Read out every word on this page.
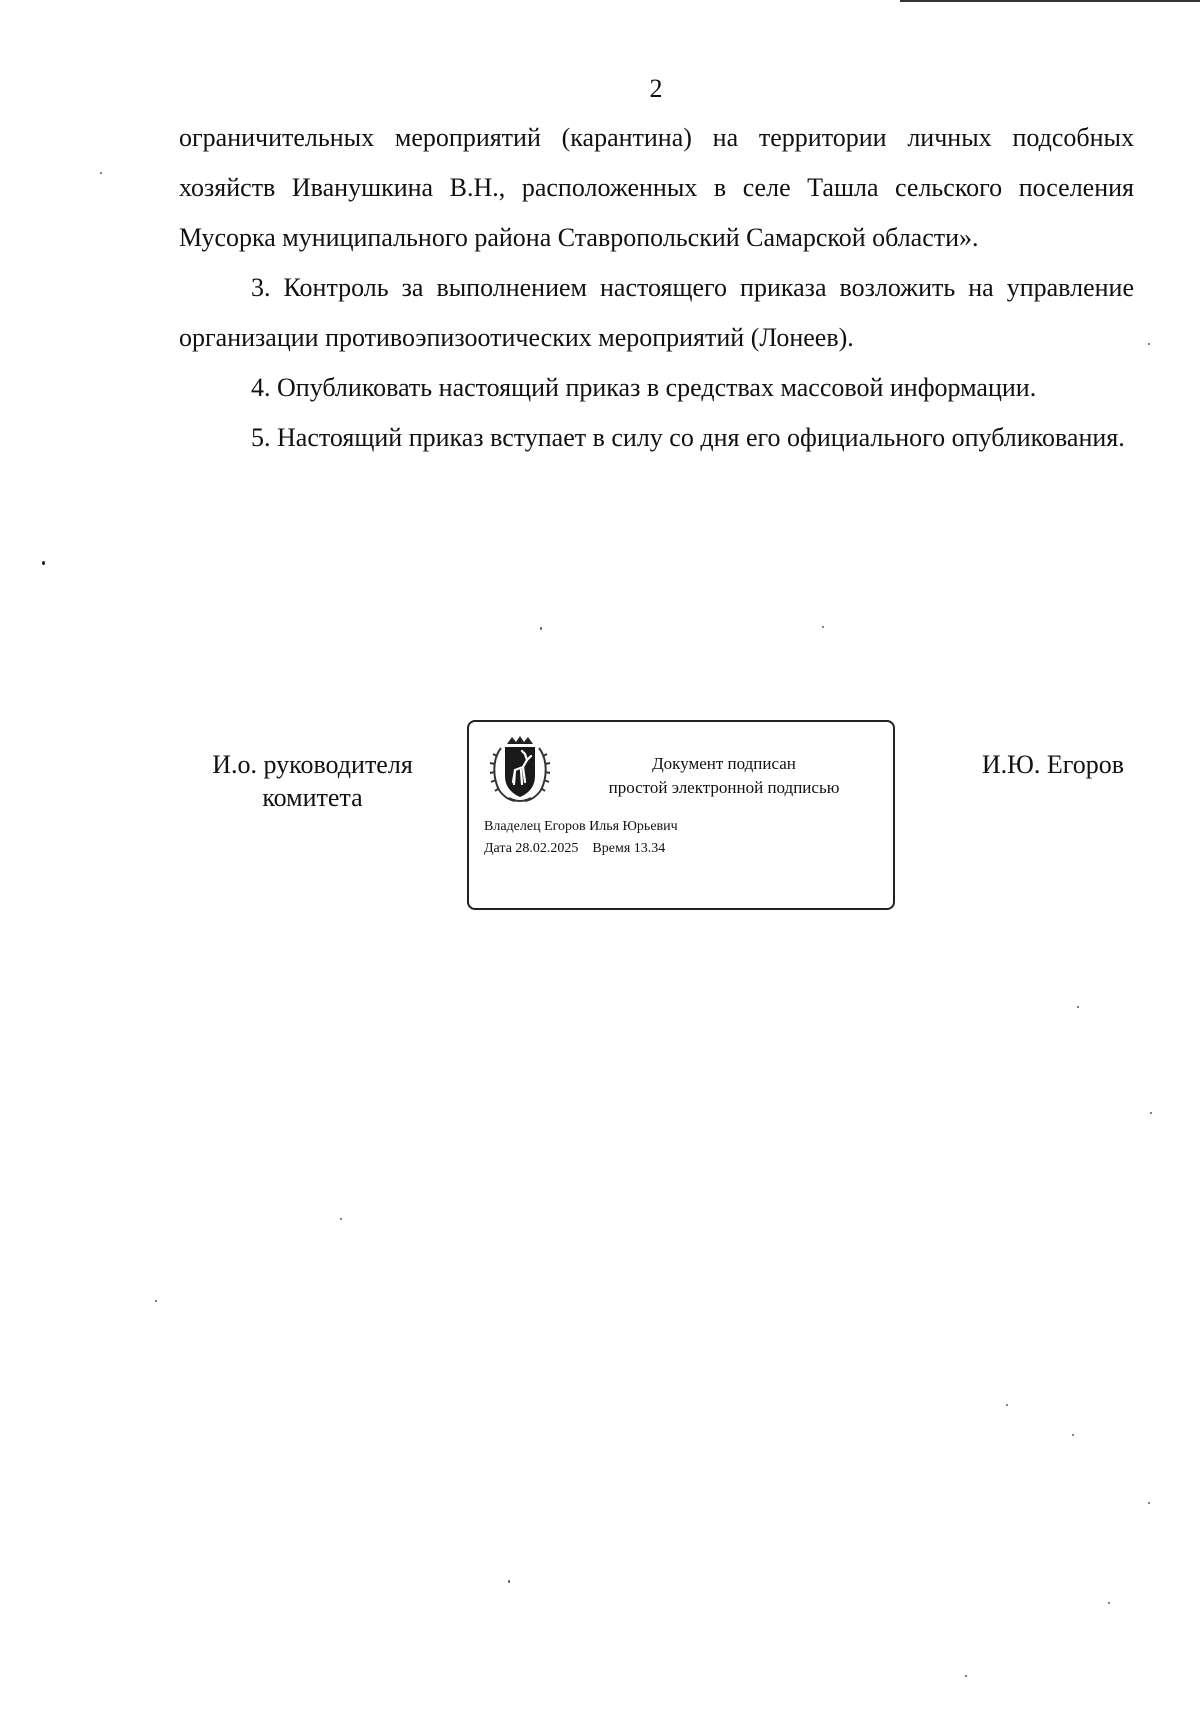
2

ограничительных мероприятий (карантина) на территории личных подсобных хозяйств Иванушкина В.Н., расположенных в селе Ташла сельского поселения Мусорка муниципального района Ставропольский Самарской области».

3. Контроль за выполнением настоящего приказа возложить на управление организации противоэпизоотических мероприятий (Лонеев).

4. Опубликовать настоящий приказ в средствах массовой информации.

5. Настоящий приказ вступает в силу со дня его официального опубликования.

И.о. руководителя
комитета
Документ подписан
простой электронной подписью
Владелец Егоров Илья Юрьевич
Дата 28.02.2025 Время 13.34
И.Ю. Егоров
